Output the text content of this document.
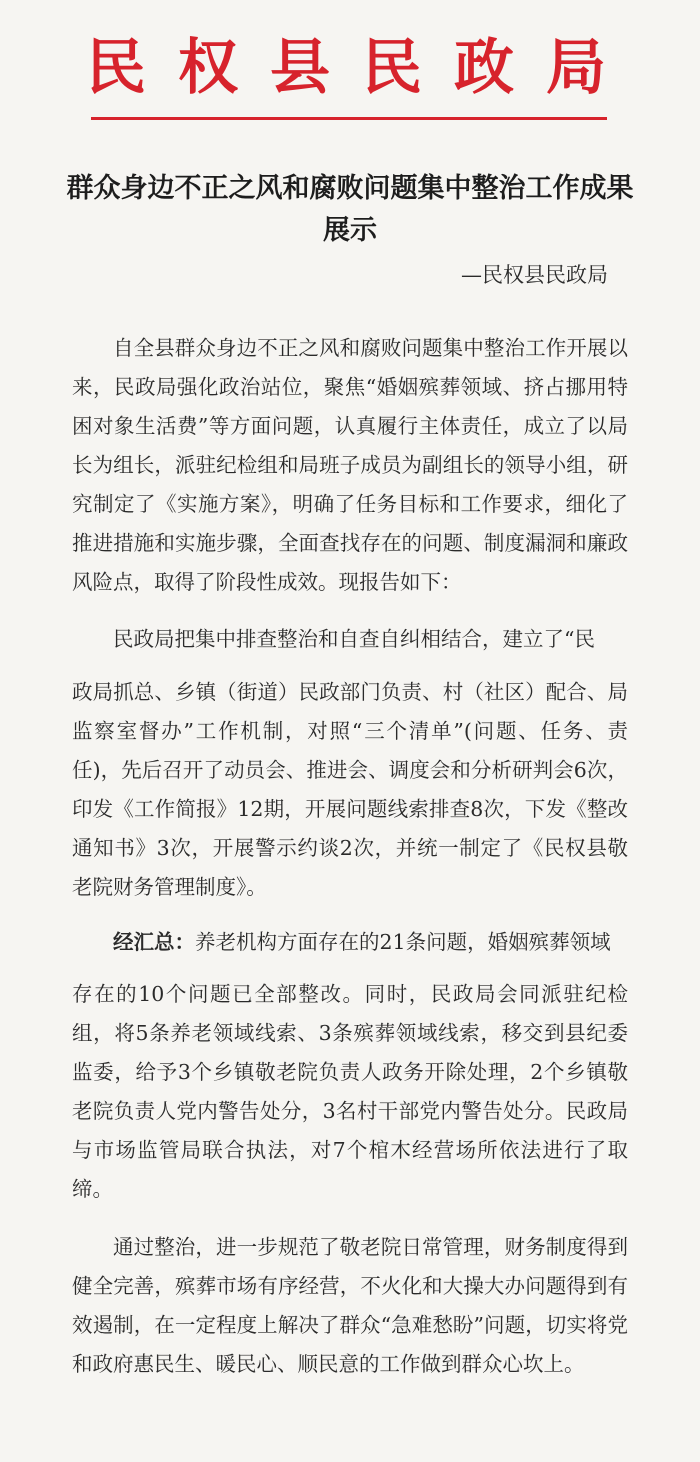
民 权 县 民 政 局
群众身边不正之风和腐败问题集中整治工作成果展示
—民权县民政局

自全县群众身边不正之风和腐败问题集中整治工作开展以来，民政局强化政治站位，聚焦“婚姻殡葬领域、挤占挪用特困对象生活费”等方面问题，认真履行主体责任，成立了以局长为组长，派驻纪检组和局班子成员为副组长的领导小组，研究制定了《实施方案》，明确了任务目标和工作要求，细化了推进措施和实施步骤，全面查找存在的问题、制度漏洞和廉政风险点，取得了阶段性成效。现报告如下：

民政局把集中排查整治和自查自纠相结合，建立了“民

政局抓总、乡镇（街道）民政部门负责、村（社区）配合、局监察室督办”工作机制，对照“三个清单”(问题、任务、责任)，先后召开了动员会、推进会、调度会和分析研判会6次，印发《工作简报》12期，开展问题线索排查8次，下发《整改通知书》3次，开展警示约谈2次，并统一制定了《民权县敬老院财务管理制度》。

经汇总：养老机构方面存在的21条问题，婚姻殡葬领域

存在的10个问题已全部整改。同时，民政局会同派驻纪检组，将5条养老领域线索、3条殡葬领域线索，移交到县纪委监委，给予3个乡镇敬老院负责人政务开除处理，2个乡镇敬老院负责人党内警告处分，3名村干部党内警告处分。民政局与市场监管局联合执法，对7个棺木经营场所依法进行了取缔。

通过整治，进一步规范了敬老院日常管理，财务制度得到健全完善，殡葬市场有序经营，不火化和大操大办问题得到有效遏制，在一定程度上解决了群众“急难愁盼”问题，切实将党和政府惠民生、暖民心、顺民意的工作做到群众心坎上。
